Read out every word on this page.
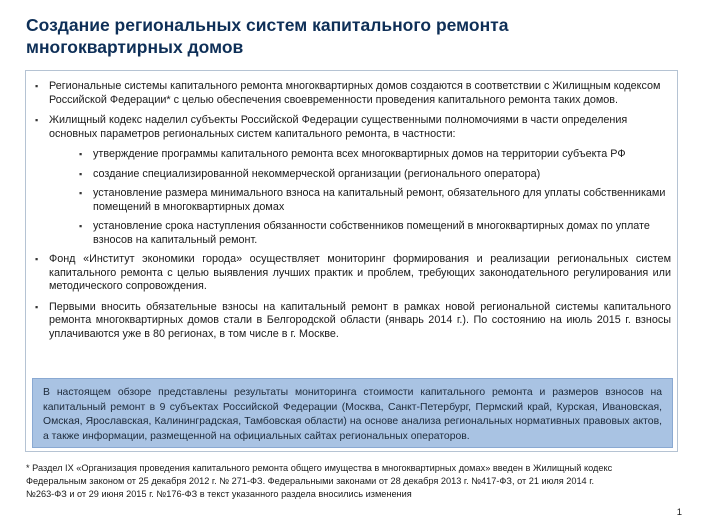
Создание региональных систем капитального ремонта многоквартирных домов
▪ Региональные системы капитального ремонта многоквартирных домов создаются в соответствии с Жилищным кодексом Российской Федерации* с целью обеспечения своевременности проведения капитального ремонта таких домов.
▪ Жилищный кодекс наделил субъекты Российской Федерации существенными полномочиями в части определения основных параметров региональных систем капитального ремонта, в частности:
▪ утверждение программы капитального ремонта всех многоквартирных домов на территории субъекта РФ
▪ создание специализированной некоммерческой организации (регионального оператора)
▪ установление размера минимального взноса на капитальный ремонт, обязательного для уплаты собственниками помещений в многоквартирных домах
▪ установление срока наступления обязанности собственников помещений в многоквартирных домах по уплате взносов на капитальный ремонт.
▪ Фонд «Институт экономики города» осуществляет мониторинг формирования и реализации региональных систем капитального ремонта с целью выявления лучших практик и проблем, требующих законодательного регулирования или методического сопровождения.
▪ Первыми вносить обязательные взносы на капитальный ремонт в рамках новой региональной системы капитального ремонта многоквартирных домов стали в Белгородской области (январь 2014 г.). По состоянию на июль 2015 г. взносы уплачиваются уже в 80 регионах, в том числе в г. Москве.
В настоящем обзоре представлены результаты мониторинга стоимости капитального ремонта и размеров взносов на капитальный ремонт в 9 субъектах Российской Федерации (Москва, Санкт-Петербург, Пермский край, Курская, Ивановская, Омская, Ярославская, Калининградская, Тамбовская области) на основе анализа региональных нормативных правовых актов, а также информации, размещенной на официальных сайтах региональных операторов.
* Раздел IX «Организация проведения капитального ремонта общего имущества в многоквартирных домах» введен в Жилищный кодекс
Федеральным законом от 25 декабря 2012 г. № 271-ФЗ. Федеральными законами от 28 декабря 2013 г. №417-ФЗ, от 21 июля 2014 г.
№263-ФЗ и от 29 июня 2015 г. №176-ФЗ в текст указанного раздела вносились изменения
1
